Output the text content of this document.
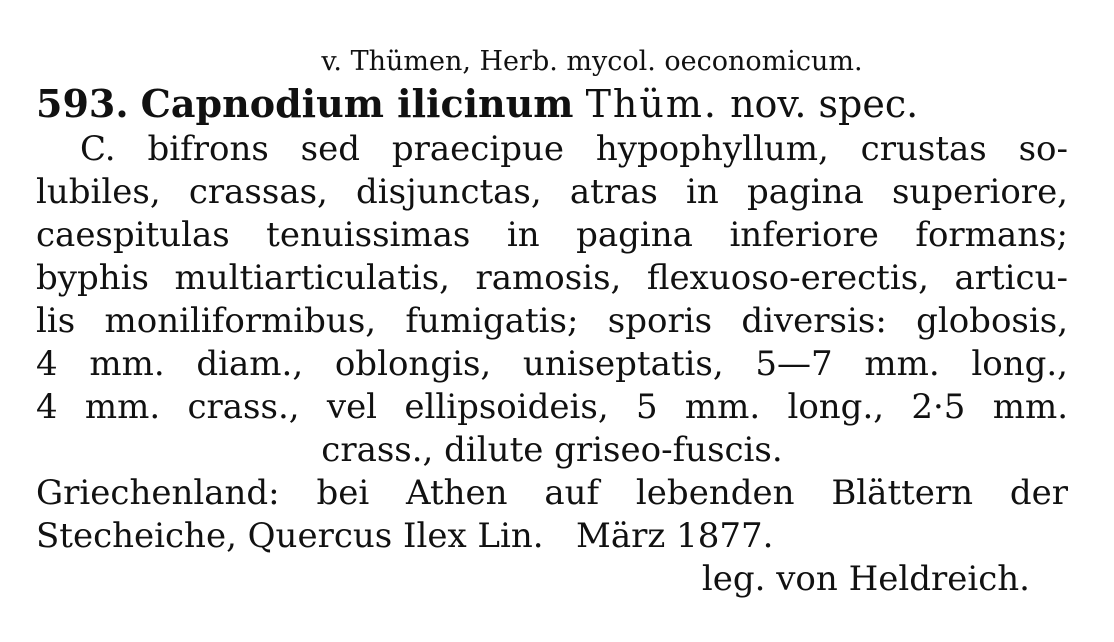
v. Thümen, Herb. mycol. oeconomicum.
593. Capnodium ilicinum Thüm. nov. spec.
C. bifrons sed praecipue hypophyllum, crustas so-
lubiles, crassas, disjunctas, atras in pagina superiore,
caespitulas tenuissimas in pagina inferiore formans;
byphis multiarticulatis, ramosis, flexuoso-erectis, articu-
lis moniliformibus, fumigatis; sporis diversis: globosis,
4 mm. diam., oblongis, uniseptatis, 5—7 mm. long.,
4 mm. crass., vel ellipsoideis, 5 mm. long., 2·5 mm.
crass., dilute griseo-fuscis.
Griechenland: bei Athen auf lebenden Blättern der
Stecheiche, Quercus Ilex Lin.   März 1877.
leg. von Heldreich.
